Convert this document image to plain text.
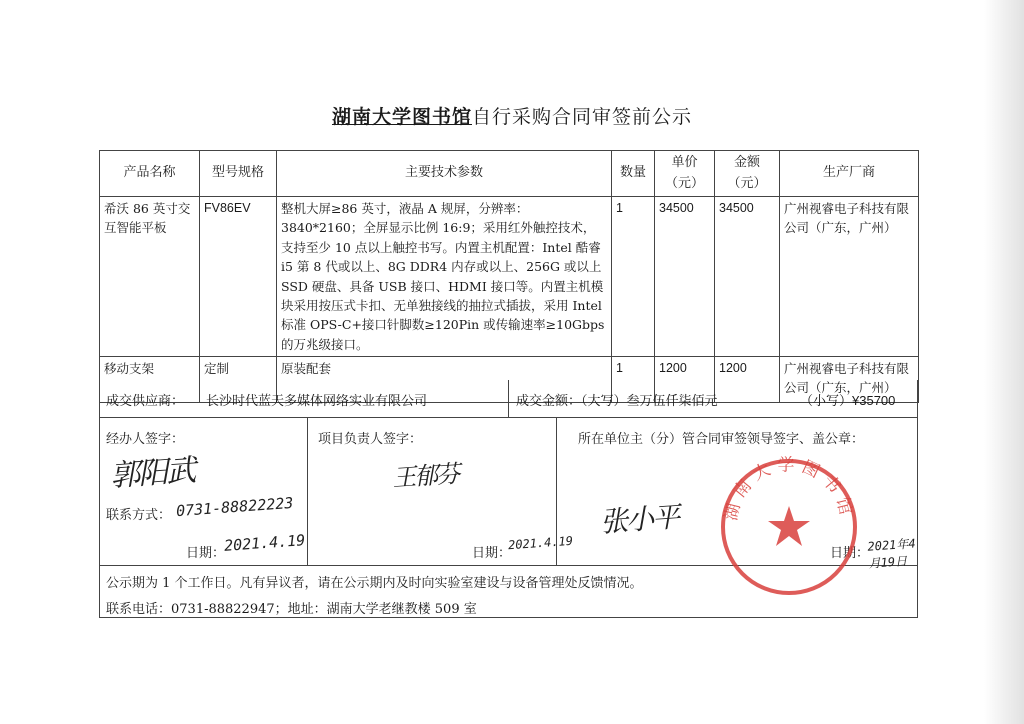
湖南大学图书馆自行采购合同审签前公示
产品名称	型号规格	主要技术参数	数量	单价（元）	金额（元）	生产厂商
希沃 86 英寸交互智能平板	FV86EV	整机大屏≥86 英寸，液晶 A 规屏，分辨率：3840*2160；全屏显示比例 16:9；采用红外触控技术，支持至少 10 点以上触控书写。内置主机配置：Intel 酷睿 i5 第 8 代或以上、8G DDR4 内存或以上、256G 或以上 SSD 硬盘、具备 USB 接口、HDMI 接口等。内置主机模块采用按压式卡扣、无单独接线的抽拉式插拔，采用 Intel 标准 OPS-C+接口针脚数≥120Pin 或传输速率≥10Gbps 的万兆级接口。	1	34500	34500	广州视睿电子科技有限公司（广东，广州）
移动支架	定制	原装配套	1	1200	1200	广州视睿电子科技有限公司（广东，广州）
成交供应商： 长沙时代蓝天多媒体网络实业有限公司	成交金额：（大写）叁万伍仟柒佰元	（小写）¥35700
经办人签字：
郭阳武
联系方式： 0731-88822223
日期：
2021.4.19
项目负责人签字：
王郁芬
日期：
2021.4.19
所在单位主（分）管合同审签领导签字、盖公章：
张小平
日期：
2021年4月19日
公示期为 1 个工作日。凡有异议者，请在公示期内及时向实验室建设与设备管理处反馈情况。
联系电话：0731-88822947；地址：湖南大学老继教楼 509 室
湖南大学图书馆
